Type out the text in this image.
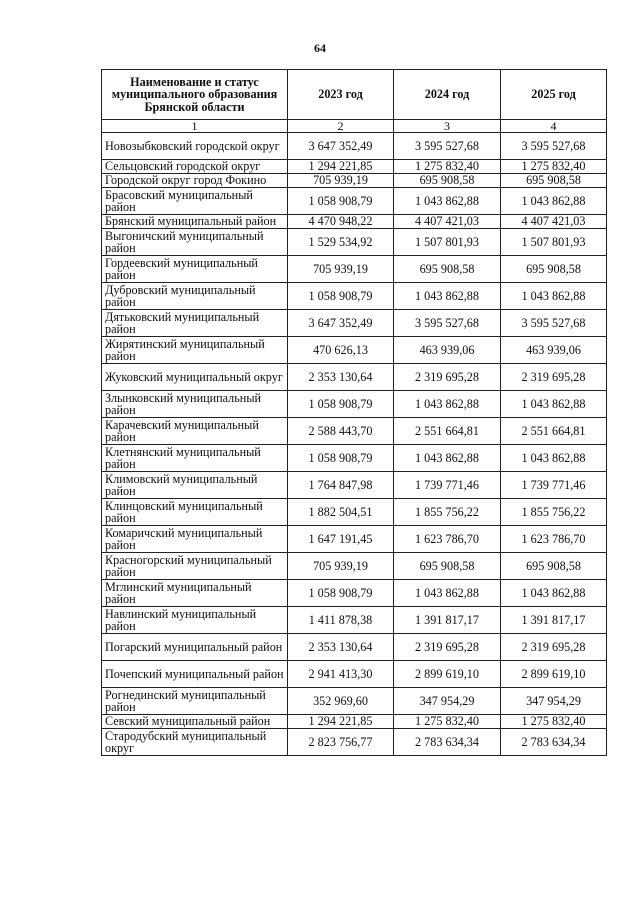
64
Наименование и статус муниципального образования Брянской области	2023 год	2024 год	2025 год
1	2	3	4
Новозыбковский городской округ	3 647 352,49	3 595 527,68	3 595 527,68
Сельцовский городской округ	1 294 221,85	1 275 832,40	1 275 832,40
Городской округ город Фокино	705 939,19	695 908,58	695 908,58
Брасовский муниципальный район	1 058 908,79	1 043 862,88	1 043 862,88
Брянский муниципальный район	4 470 948,22	4 407 421,03	4 407 421,03
Выгоничский муниципальный район	1 529 534,92	1 507 801,93	1 507 801,93
Гордеевский муниципальный район	705 939,19	695 908,58	695 908,58
Дубровский муниципальный район	1 058 908,79	1 043 862,88	1 043 862,88
Дятьковский муниципальный район	3 647 352,49	3 595 527,68	3 595 527,68
Жирятинский муниципальный район	470 626,13	463 939,06	463 939,06
Жуковский муниципальный округ	2 353 130,64	2 319 695,28	2 319 695,28
Злынковский муниципальный район	1 058 908,79	1 043 862,88	1 043 862,88
Карачевский муниципальный район	2 588 443,70	2 551 664,81	2 551 664,81
Клетнянский муниципальный район	1 058 908,79	1 043 862,88	1 043 862,88
Климовский муниципальный район	1 764 847,98	1 739 771,46	1 739 771,46
Клинцовский муниципальный район	1 882 504,51	1 855 756,22	1 855 756,22
Комаричский муниципальный район	1 647 191,45	1 623 786,70	1 623 786,70
Красногорский муниципальный район	705 939,19	695 908,58	695 908,58
Мглинский муниципальный район	1 058 908,79	1 043 862,88	1 043 862,88
Навлинский муниципальный район	1 411 878,38	1 391 817,17	1 391 817,17
Погарский муниципальный район	2 353 130,64	2 319 695,28	2 319 695,28
Почепский муниципальный район	2 941 413,30	2 899 619,10	2 899 619,10
Рогнединский муниципальный район	352 969,60	347 954,29	347 954,29
Севский муниципальный район	1 294 221,85	1 275 832,40	1 275 832,40
Стародубский муниципальный округ	2 823 756,77	2 783 634,34	2 783 634,34
